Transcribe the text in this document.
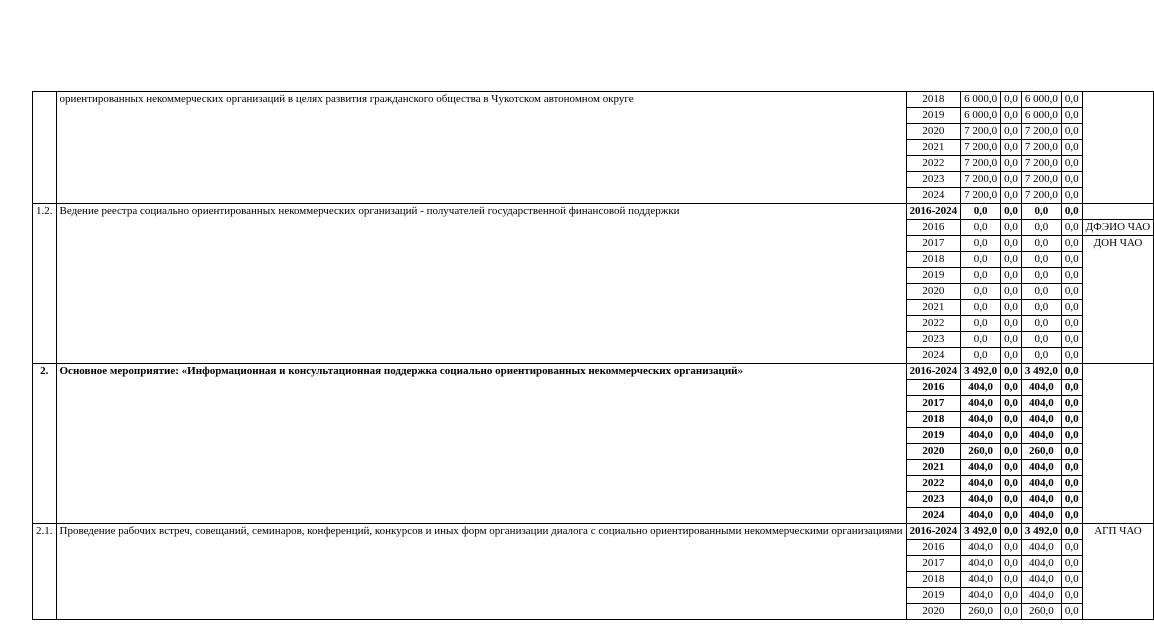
	ориентированных некоммерческих организаций в целях развития гражданского общества в Чукотском автономном округе	2018	6 000,0	0,0	6 000,0	0,0	
		2019	6 000,0	0,0	6 000,0	0,0	
		2020	7 200,0	0,0	7 200,0	0,0	
		2021	7 200,0	0,0	7 200,0	0,0	
		2022	7 200,0	0,0	7 200,0	0,0	
		2023	7 200,0	0,0	7 200,0	0,0	
		2024	7 200,0	0,0	7 200,0	0,0	
1.2.	Ведение реестра социально ориентированных некоммерческих организаций - получателей государственной финансовой поддержки	2016-2024	0,0	0,0	0,0	0,0	
		2016	0,0	0,0	0,0	0,0	ДФЭИО ЧАО
		2017	0,0	0,0	0,0	0,0	ДОН ЧАО
		2018	0,0	0,0	0,0	0,0	
		2019	0,0	0,0	0,0	0,0	
		2020	0,0	0,0	0,0	0,0	
		2021	0,0	0,0	0,0	0,0	
		2022	0,0	0,0	0,0	0,0	
		2023	0,0	0,0	0,0	0,0	
		2024	0,0	0,0	0,0	0,0	
2.	Основное мероприятие: «Информационная и консультационная поддержка социально ориентированных некоммерческих организаций»	2016-2024	3 492,0	0,0	3 492,0	0,0	
		2016	404,0	0,0	404,0	0,0	
		2017	404,0	0,0	404,0	0,0	
		2018	404,0	0,0	404,0	0,0	
		2019	404,0	0,0	404,0	0,0	
		2020	260,0	0,0	260,0	0,0	
		2021	404,0	0,0	404,0	0,0	
		2022	404,0	0,0	404,0	0,0	
		2023	404,0	0,0	404,0	0,0	
		2024	404,0	0,0	404,0	0,0	
2.1.	Проведение рабочих встреч, совещаний, семинаров, конференций, конкурсов и иных форм организации диалога с социально ориентированными некоммерческими организациями	2016-2024	3 492,0	0,0	3 492,0	0,0	АГП ЧАО
		2016	404,0	0,0	404,0	0,0	
		2017	404,0	0,0	404,0	0,0	
		2018	404,0	0,0	404,0	0,0	
		2019	404,0	0,0	404,0	0,0	
		2020	260,0	0,0	260,0	0,0	
